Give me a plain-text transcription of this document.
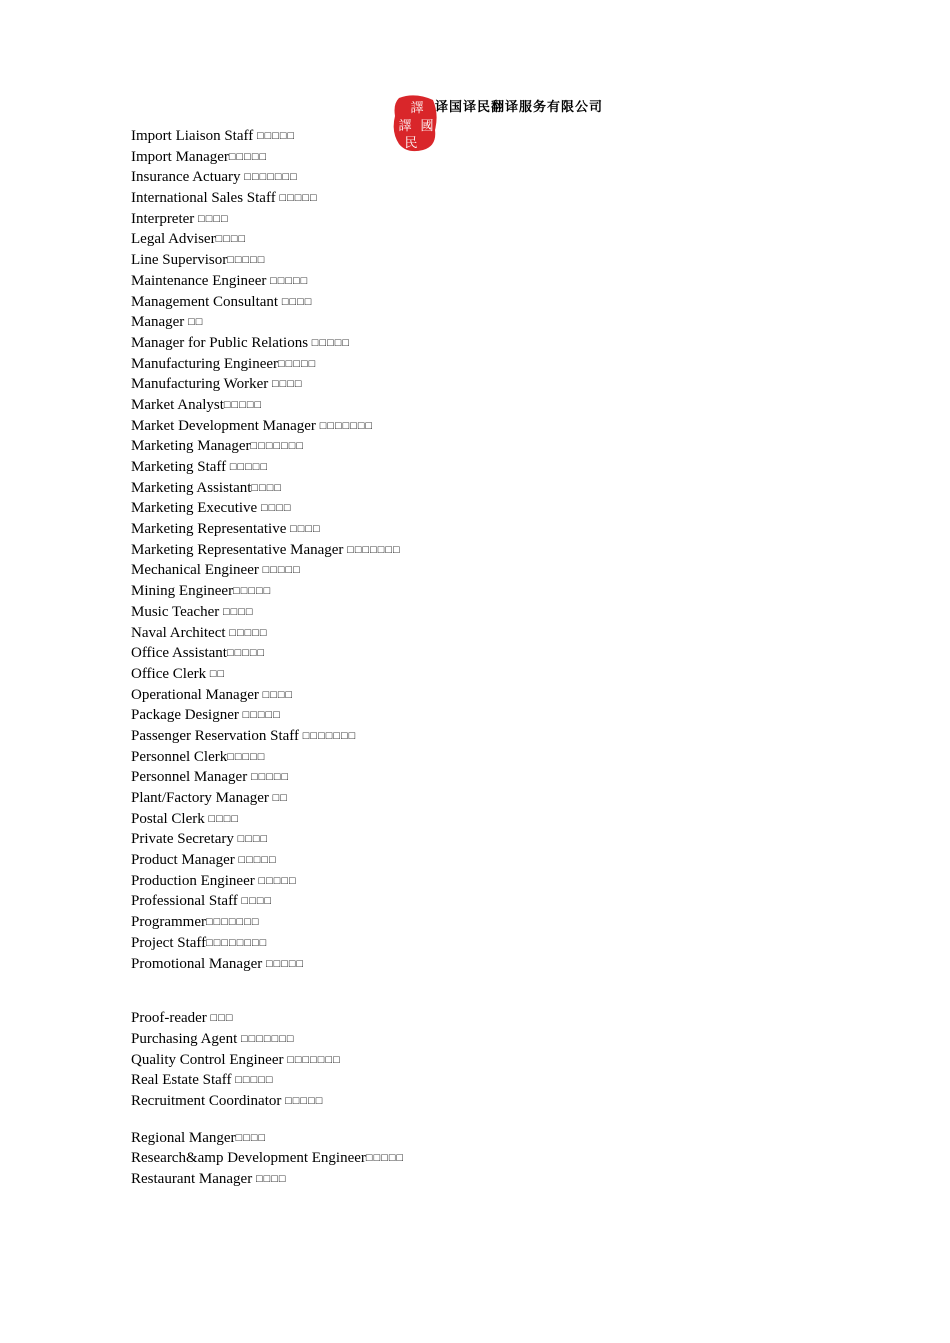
譯
國
譯
民
译国译民翻译服务有限公司
Import Liaison Staff □□□□□
Import Manager□□□□□
Insurance Actuary □□□□□□□
International Sales Staff □□□□□
Interpreter □□□□
Legal Adviser□□□□
Line Supervisor□□□□□
Maintenance Engineer □□□□□
Management Consultant □□□□
Manager □□
Manager for Public Relations □□□□□
Manufacturing Engineer□□□□□
Manufacturing Worker □□□□
Market Analyst□□□□□
Market Development Manager □□□□□□□
Marketing Manager□□□□□□□
Marketing Staff □□□□□
Marketing Assistant□□□□
Marketing Executive □□□□
Marketing Representative □□□□
Marketing Representative Manager □□□□□□□
Mechanical Engineer □□□□□
Mining Engineer□□□□□
Music Teacher □□□□
Naval Architect □□□□□
Office Assistant□□□□□
Office Clerk □□
Operational Manager □□□□
Package Designer □□□□□
Passenger Reservation Staff □□□□□□□
Personnel Clerk□□□□□
Personnel Manager □□□□□
Plant/Factory Manager □□
Postal Clerk □□□□
Private Secretary □□□□
Product Manager □□□□□
Production Engineer □□□□□
Professional Staff □□□□
Programmer□□□□□□□
Project Staff□□□□□□□□
Promotional Manager □□□□□
Proof-reader □□□
Purchasing Agent □□□□□□□
Quality Control Engineer □□□□□□□
Real Estate Staff □□□□□
Recruitment Coordinator □□□□□
Regional Manger□□□□
Research&amp Development Engineer□□□□□
Restaurant Manager □□□□
